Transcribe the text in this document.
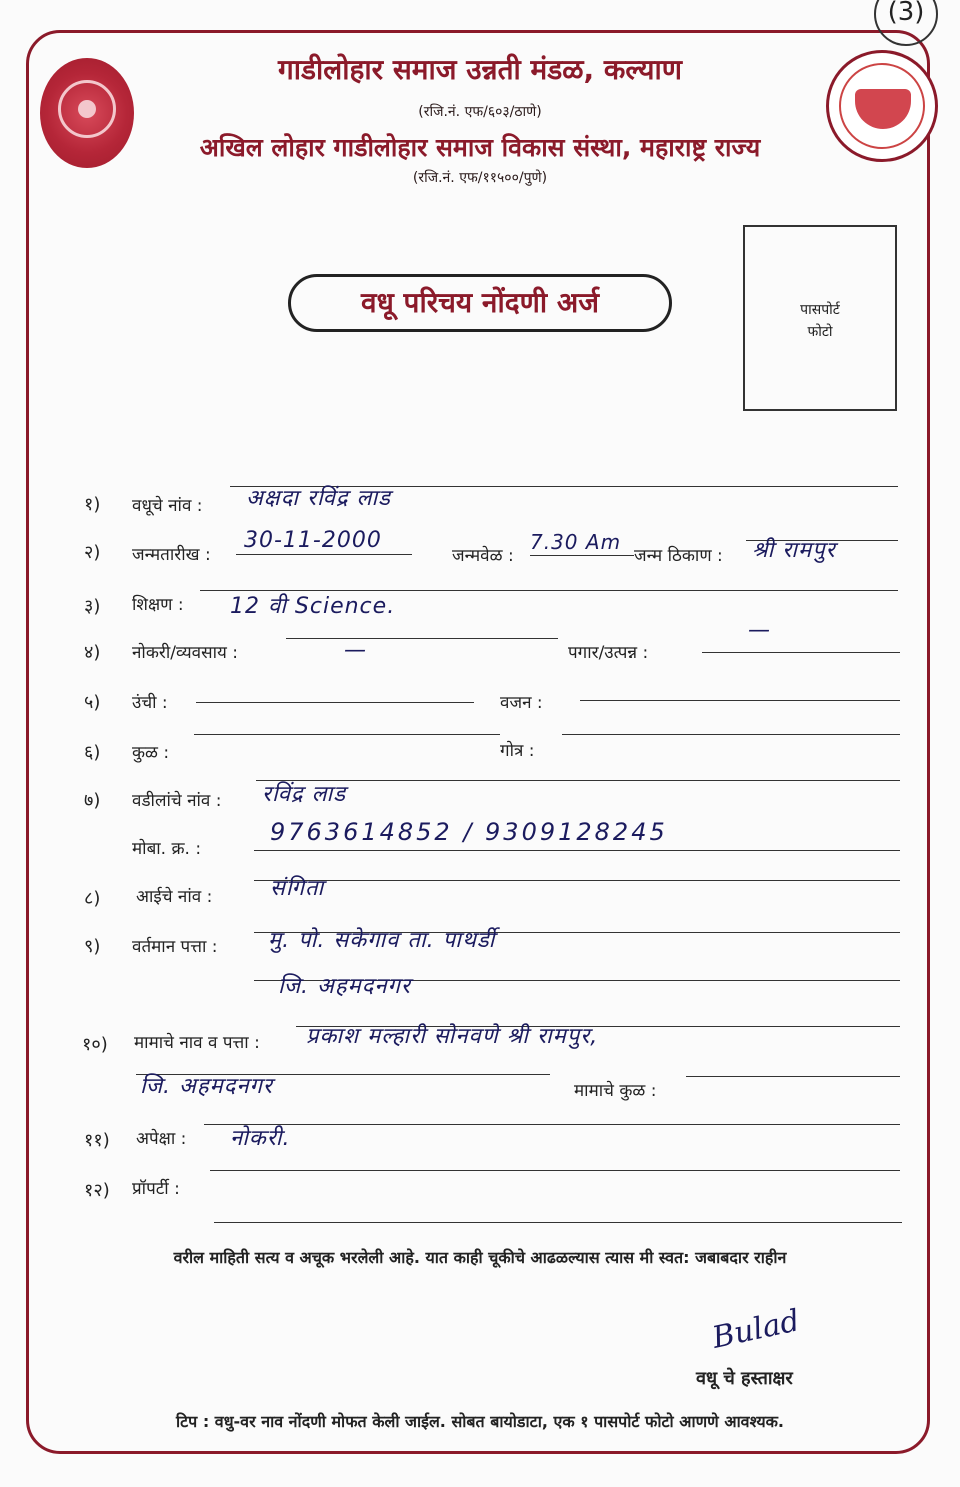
(3)
गाडीलोहार समाज उन्नती मंडळ, कल्याण
(रजि.नं. एफ/६०३/ठाणे)
अखिल लोहार गाडीलोहार समाज विकास संस्था, महाराष्ट्र राज्य
(रजि.नं. एफ/११५००/पुणे)
वधू परिचय नोंदणी अर्ज	पासपोर्ट
फोटो
१) वधूचे नांव : अक्षदा रविंद्र लाड
२) जन्मतारीख :
30-11-2000
जन्मवेळ :
7.30 Am
जन्म ठिकाण : श्री रामपुर
३) शिक्षण : 12 वी Science.
४) नोकरी/व्यवसाय :	—	पगार/उत्पन्न :
—
५) उंची :	वजन :
६) कुळ :	गोत्र :
७) वडीलांचे नांव : रविंद्र लाड
मोबा. क्र. :
9763614852 / 9309128245
८) आईचे नांव :	संगिता
९) वर्तमान पत्ता : मु. पो. सकेगाव ता. पाथर्डी
जि. अहमदनगर
१०) मामाचे नाव व पत्ता : प्रकाश मल्हारी सोनवणे श्री रामपुर,
जि. अहमदनगर	मामाचे कुळ :
११) अपेक्षा : नोकरी.
१२) प्रॉपर्टी :
वरील माहिती सत्य व अचूक भरलेली आहे. यात काही चूकीचे आढळल्यास त्यास मी स्वत: जबाबदार राहीन
Bulad
वधू चे हस्ताक्षर
टिप : वधु-वर नाव नोंदणी मोफत केली जाईल. सोबत बायोडाटा, एक १ पासपोर्ट फोटो आणणे आवश्यक.
